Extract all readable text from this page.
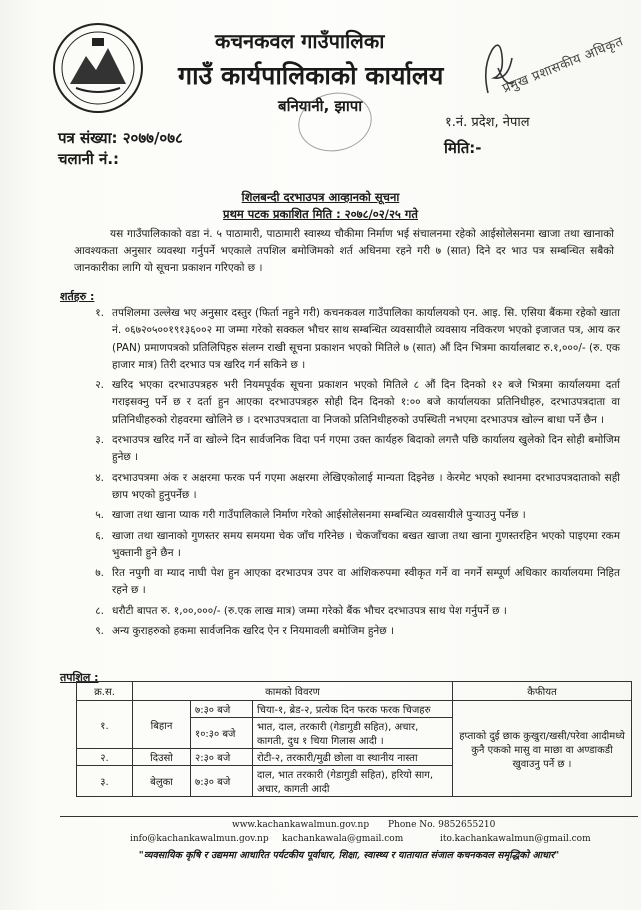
कचनकवल गाउँपालिका
गाउँ कार्यपालिकाको कार्यालय
बनियानी, झापा
प्रमुख प्रशासकीय अधिकृत
१.नं. प्रदेश, नेपाल
पत्र संख्या: २०७७/०७८
चलानी नं.:
मिति:-
शिलबन्दी दरभाउपत्र आव्हानको सूचना
प्रथम पटक प्रकाशित मिति : २०७८/०२/२५ गते

यस गाउँपालिकाको वडा नं. ५ पाठामारी, पाठामारी स्वास्थ्य चौकीमा निर्माण भई संचालनमा रहेको आईसोलेसनमा खाजा तथा खानाको आवश्यकता अनुसार व्यवस्था गर्नुपर्ने भएकाले तपशिल बमोजिमको शर्त अधिनमा रहने गरी ७ (सात) दिने दर भाउ पत्र सम्बन्धित सबैको जानकारीका लागि यो सूचना प्रकाशन गरिएको छ ।

शर्तहरु :
१. तपशिलमा उल्लेख भए अनुसार दस्तुर (फिर्ता नहुने गरी) कचनकवल गाउँपालिका कार्यालयको एन. आइ. सि. एसिया बैंकमा रहेको खाता नं. ०६७२०५००१९१३६००२ मा जम्मा गरेको सक्कल भौचर साथ सम्बन्धित व्यवसायीले व्यवसाय नविकरण भएको इजाजत पत्र, आय कर (PAN) प्रमाणपत्रको प्रतिलिपिहरु संलग्न राखी सूचना प्रकाशन भएको मितिले ७ (सात) औं दिन भित्रमा कार्यालबाट रु.१,०००/- (रु. एक हाजार मात्र) तिरी दरभाउ पत्र खरिद गर्न सकिने छ ।
२. खरिद भएका दरभाउपत्रहरु भरी नियमपूर्वक सूचना प्रकाशन भएको मितिले ८ औं दिन दिनको १२ बजे भित्रमा कार्यालयमा दर्ता गराइसक्नु पर्ने छ र दर्ता हुन आएका दरभाउपत्रहरु सोही दिन दिनको १:०० बजे कार्यालयका प्रतिनिधीहरु, दरभाउपत्रदाता वा प्रतिनिधीहरुको रोहवरमा खोलिने छ । दरभाउपत्रदाता वा निजको प्रतिनिधीहरुको उपस्थिती नभएमा दरभाउपत्र खोल्न बाधा पर्ने छैन ।
३. दरभाउपत्र खरिद गर्ने वा खोल्ने दिन सार्वजनिक विदा पर्न गएमा उक्त कार्यहरु बिदाको लगत्तै पछि कार्यालय खुलेको दिन सोही बमोजिम हुनेछ ।
४. दरभाउपत्रमा अंक र अक्षरमा फरक पर्न गएमा अक्षरमा लेखिएकोलाई मान्यता दिइनेछ । केरमेट भएको स्थानमा दरभाउपत्रदाताको सही छाप भएको हुनुपर्नेछ ।
५. खाजा तथा खाना प्याक गरी गाउँपालिकाले निर्माण गरेको आईसोलेसनमा सम्बन्धित व्यवसायीले पुऱ्याउनु पर्नेछ ।
६. खाजा तथा खानाको गुणस्तर समय समयमा चेक जाँच गरिनेछ । चेकजाँचका बखत खाजा तथा खाना गुणस्तरहिन भएको पाइएमा रकम भुक्तानी हुने छैन ।
७. रित नपुगी वा म्याद नाघी पेश हुन आएका दरभाउपत्र उपर वा आंशिकरुपमा स्वीकृत गर्ने वा नगर्ने सम्पूर्ण अधिकार कार्यालयमा निहित रहने छ ।
८. धरौटी बापत रु. १,००,०००/- (रु.एक लाख मात्र) जम्मा गरेको बैंक भौचर दरभाउपत्र साथ पेश गर्नुपर्ने छ ।
९. अन्य कुराहरुको हकमा सार्वजनिक खरिद ऐन र नियमावली बमोजिम हुनेछ ।
तपशिल :
क्र.स.	कामको विवरण			कैफीयत
१.	बिहान	७:३० बजे	चिया-१, ब्रेड-२, प्रत्येक दिन फरक फरक चिजहरु	हप्ताको दुई छाक कुखुरा/खसी/परेवा आदीमध्ये कुनै एकको मासु वा माछा वा अण्डाकडी खुवाउनु पर्ने छ ।
		१०:३० बजे	भात, दाल, तरकारी (गेडागुडी सहित), अचार, कागती, दुध १ चिया गिलास आदी ।	
२.	दिउसो	२:३० बजे	रोटी-२, तरकारी/मुढी छोला वा स्थानीय नास्ता	
३.	बेलुका	७:३० बजे	दाल, भात तरकारी (गेडागुडी सहित), हरियो साग, अचार, कागती आदी	
www.kachankawalmun.gov.np Phone No. 9852655210
info@kachankawalmun.gov.np kachankawala@gmail.com	ito.kachankawalmun@gmail.com
"व्यवसायिक कृषि र उद्यममा आधारित पर्यटकीय पूर्वाधार, शिक्षा, स्वास्थ्य र यातायात संजाल कचनकवल समृद्धिको आधार"
